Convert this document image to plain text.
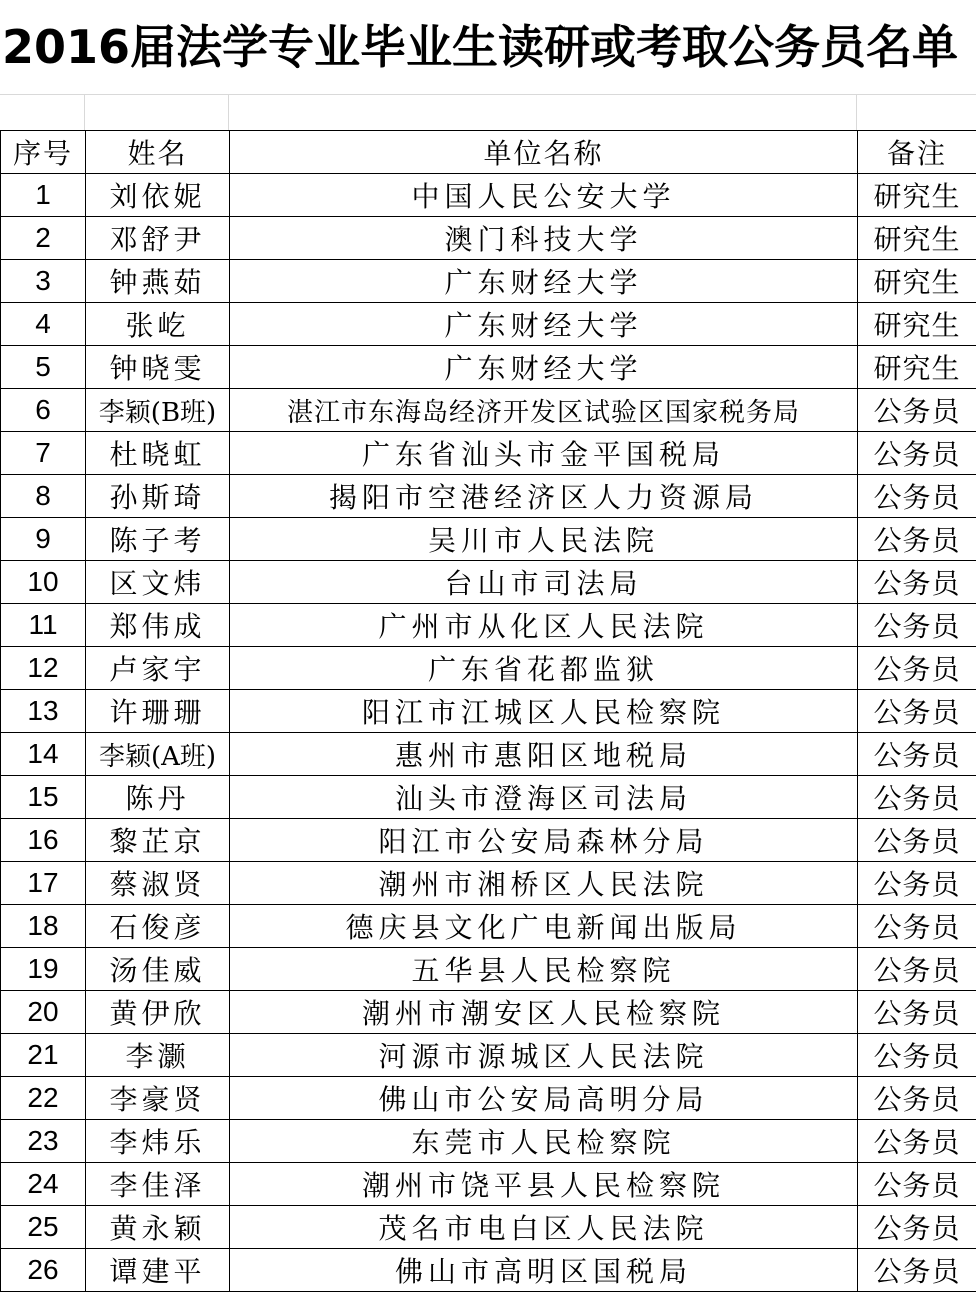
2016届法学专业毕业生读研或考取公务员名单
序号	姓名	单位名称	备注
1	刘依妮	中国人民公安大学	研究生
2	邓舒尹	澳门科技大学	研究生
3	钟燕茹	广东财经大学	研究生
4	张屹	广东财经大学	研究生
5	钟晓雯	广东财经大学	研究生
6	李颖(B班)	湛江市东海岛经济开发区试验区国家税务局	公务员
7	杜晓虹	广东省汕头市金平国税局	公务员
8	孙斯琦	揭阳市空港经济区人力资源局	公务员
9	陈子考	吴川市人民法院	公务员
10	区文炜	台山市司法局	公务员
11	郑伟成	广州市从化区人民法院	公务员
12	卢家宇	广东省花都监狱	公务员
13	许珊珊	阳江市江城区人民检察院	公务员
14	李颖(A班)	惠州市惠阳区地税局	公务员
15	陈丹	汕头市澄海区司法局	公务员
16	黎芷京	阳江市公安局森林分局	公务员
17	蔡淑贤	潮州市湘桥区人民法院	公务员
18	石俊彦	德庆县文化广电新闻出版局	公务员
19	汤佳威	五华县人民检察院	公务员
20	黄伊欣	潮州市潮安区人民检察院	公务员
21	李灏	河源市源城区人民法院	公务员
22	李豪贤	佛山市公安局高明分局	公务员
23	李炜乐	东莞市人民检察院	公务员
24	李佳泽	潮州市饶平县人民检察院	公务员
25	黄永颖	茂名市电白区人民法院	公务员
26	谭建平	佛山市高明区国税局	公务员
